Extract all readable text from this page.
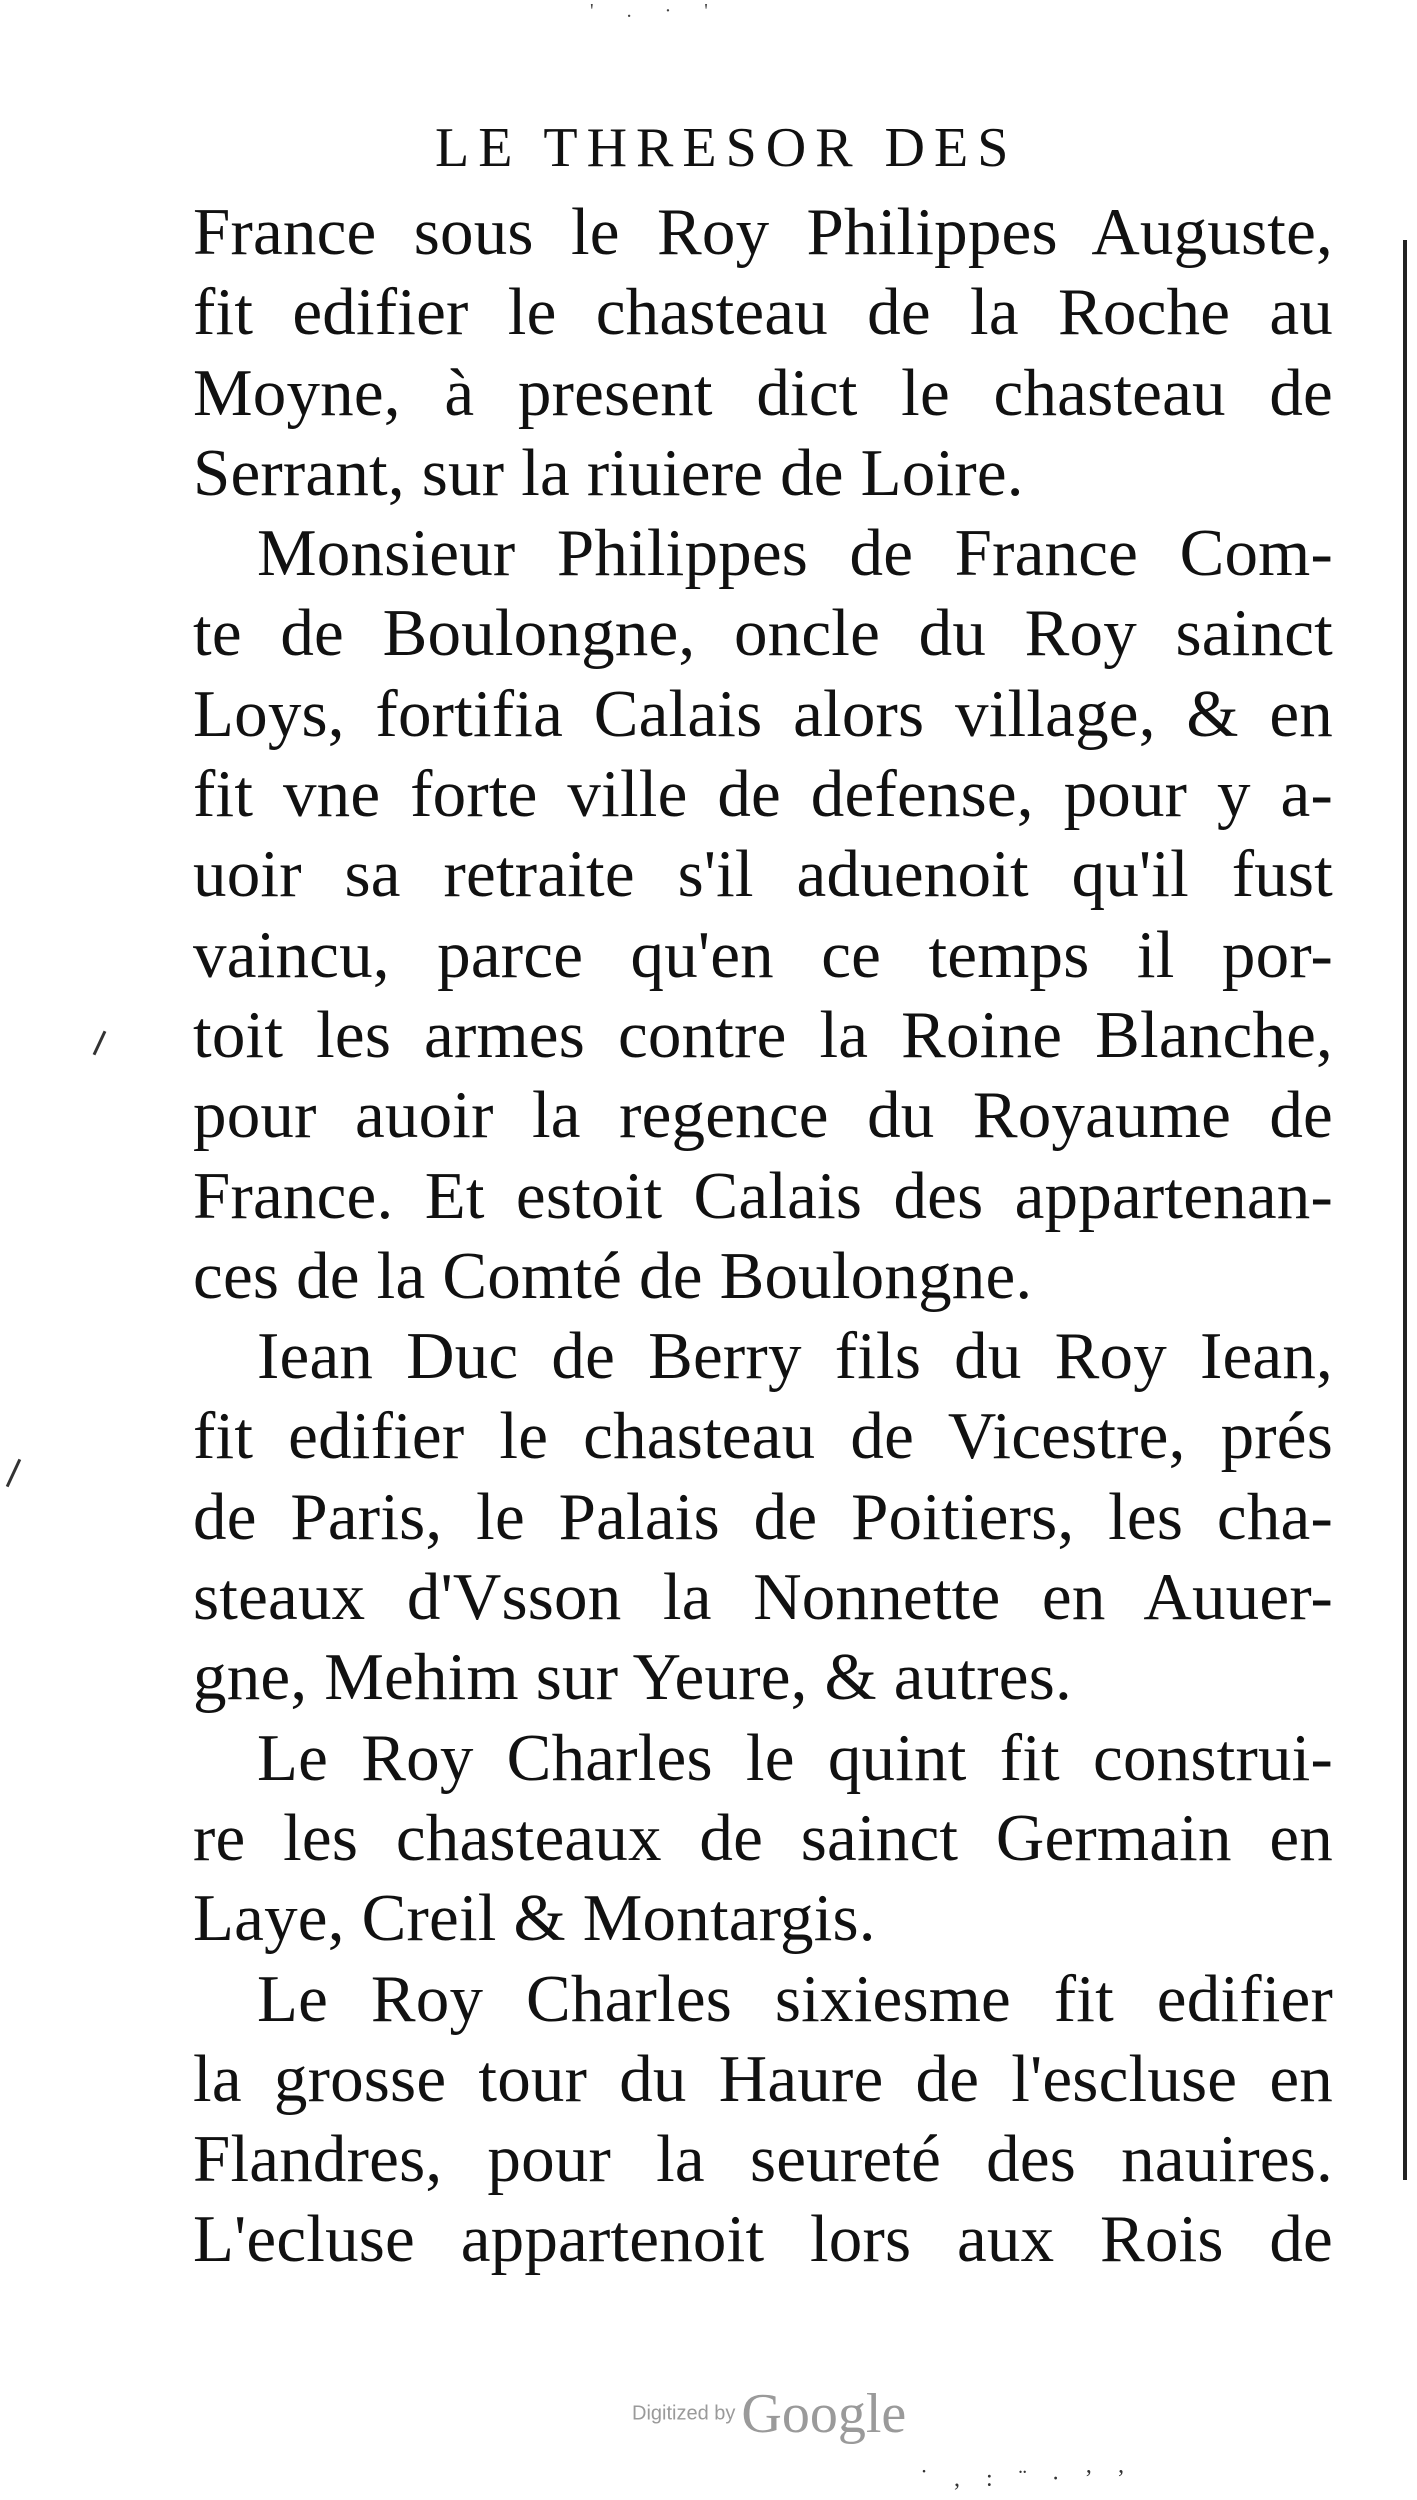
' . · '
LE THRESOR DES
France sous le Roy Philippes Auguste,
fit edifier le chasteau de la Roche au
Moyne, à present dict le chasteau de
Serrant, sur la riuiere de Loire.
Monsieur Philippes de France Com-
te de Boulongne, oncle du Roy sainct
Loys, fortifia Calais alors village, & en
fit vne forte ville de defense, pour y a-
uoir sa retraite s'il aduenoit qu'il fust
vaincu, parce qu'en ce temps il por-
toit les armes contre la Roine Blanche,
pour auoir la regence du Royaume de
France. Et estoit Calais des appartenan-
ces de la Comté de Boulongne.
Iean Duc de Berry fils du Roy Iean,
fit edifier le chasteau de Vicestre, prés
de Paris, le Palais de Poitiers, les cha-
steaux d'Vsson la Nonnette en Auuer-
gne, Mehim sur Yeure, & autres.
Le Roy Charles le quint fit construi-
re les chasteaux de sainct Germain en
Laye, Creil & Montargis.
Le Roy Charles sixiesme fit edifier
la grosse tour du Haure de l'esclusе en
Flandres, pour la seureté des nauires.
L'ecluse appartenoit lors aux Rois de
Digitized by Google
˙ , : ¨ ∙ ’ ’
